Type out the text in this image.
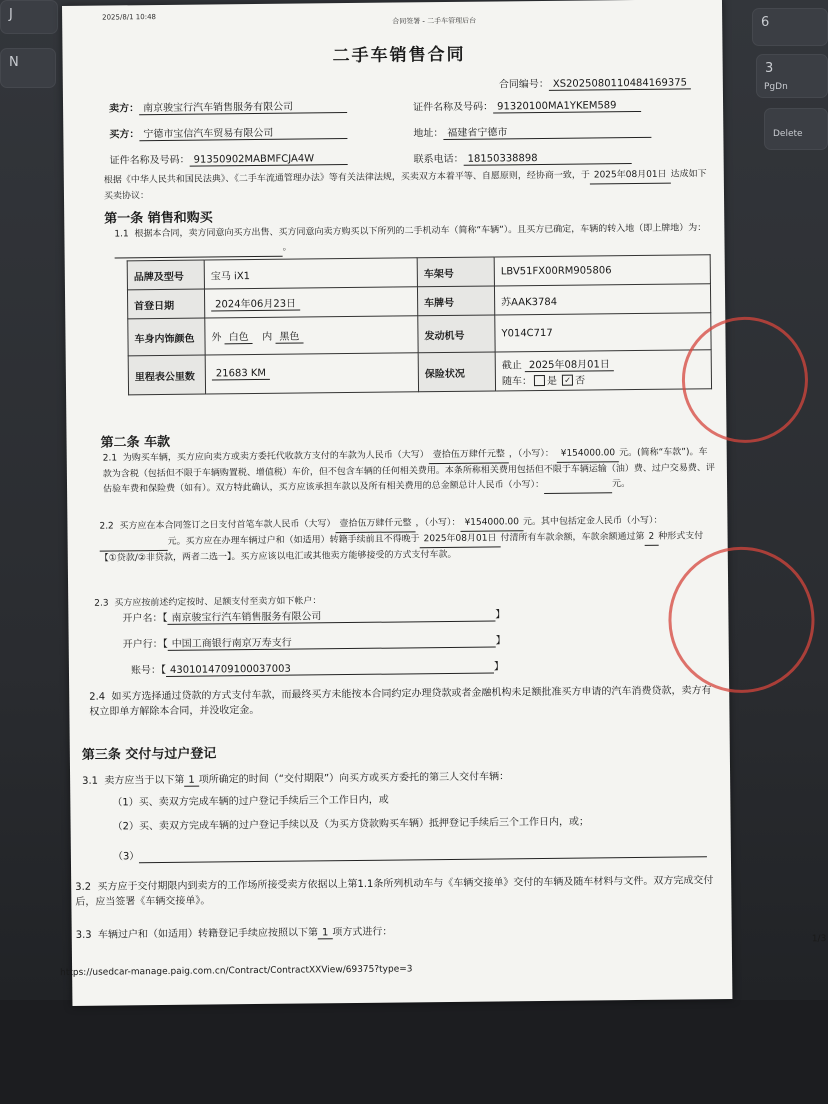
J
6
N	3
PgDn
Delete
2025/8/1 10:48	合同签署 - 二手车管理后台
二手车销售合同
合同编号： XS2025080110484169375
卖方： 南京骏宝行汽车销售服务有限公司	证件名称及号码： 91320100MA1YKEM589
买方： 宁德市宝信汽车贸易有限公司	地址： 福建省宁德市
证件名称及号码： 91350902MABMFCJA4W	联系电话： 18150338898
根据《中华人民共和国民法典》、《二手车流通管理办法》等有关法律法规，买卖双方本着平等、自愿原则，经协商一致，于 2025年08月01日 达成如下买卖协议：
第一条 销售和购买
1.1 根据本合同，卖方同意向买方出售、买方同意向卖方购买以下所列的二手机动车（简称“车辆”）。且买方已确定，车辆的转入地（即上牌地）为： 。
品牌及型号	宝马 iX1	车架号	LBV51FX00RM905806
首登日期	2024年06月23日	车牌号	苏AAK3784
车身内饰颜色	外 白色 内 黑色	发动机号	Y014C717
里程表公里数	21683 KM	保险状况	截止 2025年08月01日
随车： 是 ✓ 否
第二条 车款
2.1 为购买车辆，买方应向卖方或卖方委托代收款方支付的车款为人民币（大写） 壹拾伍万肆仟元整 ，（小写）： ¥154000.00 元。(简称“车款”)。车款为含税（包括但不限于车辆购置税、增值税）车价，但不包含车辆的任何相关费用。本条所称相关费用包括但不限于车辆运输（油）费、过户交易费、评估验车费和保险费（如有）。双方特此确认，买方应该承担车款以及所有相关费用的总金额总计人民币（小写）：	元。
2.2 买方应在本合同签订之日支付首笔车款人民币（大写） 壹拾伍万肆仟元整 ，（小写）： ¥154000.00 元。其中包括定金人民币（小写）： 元。买方应在办理车辆过户和（如适用）转籍手续前且不得晚于 2025年08月01日 付清所有车款余额，车款余额通过第 2 种形式支付【①贷款/②非贷款，两者二选一】。买方应该以电汇或其他卖方能够接受的方式支付车款。
2.3 买方应按前述约定按时、足额支付至卖方如下帐户：
开户名：【 南京骏宝行汽车销售服务有限公司	】
开户行：【 中国工商银行南京万寿支行	】
账号：【 4301014709100037003	】
2.4 如买方选择通过贷款的方式支付车款，而最终买方未能按本合同约定办理贷款或者金融机构未足额批准买方申请的汽车消费贷款，卖方有权立即单方解除本合同，并没收定金。
第三条 交付与过户登记
3.1 卖方应当于以下第 1 项所确定的时间（“交付期限”）向买方或买方委托的第三人交付车辆：
（1）买、卖双方完成车辆的过户登记手续后三个工作日内，或
（2）买、卖双方完成车辆的过户登记手续以及（为买方贷款购买车辆）抵押登记手续后三个工作日内，或；
（3）
3.2 买方应于交付期限内到卖方的工作场所接受卖方依据以上第1.1条所列机动车与《车辆交接单》交付的车辆及随车材料与文件。双方完成交付后，应当签署《车辆交接单》。
3.3 车辆过户和（如适用）转籍登记手续应按照以下第 1 项方式进行：
https://usedcar-manage.paig.com.cn/Contract/ContractXXView/69375?type=3
1/3
